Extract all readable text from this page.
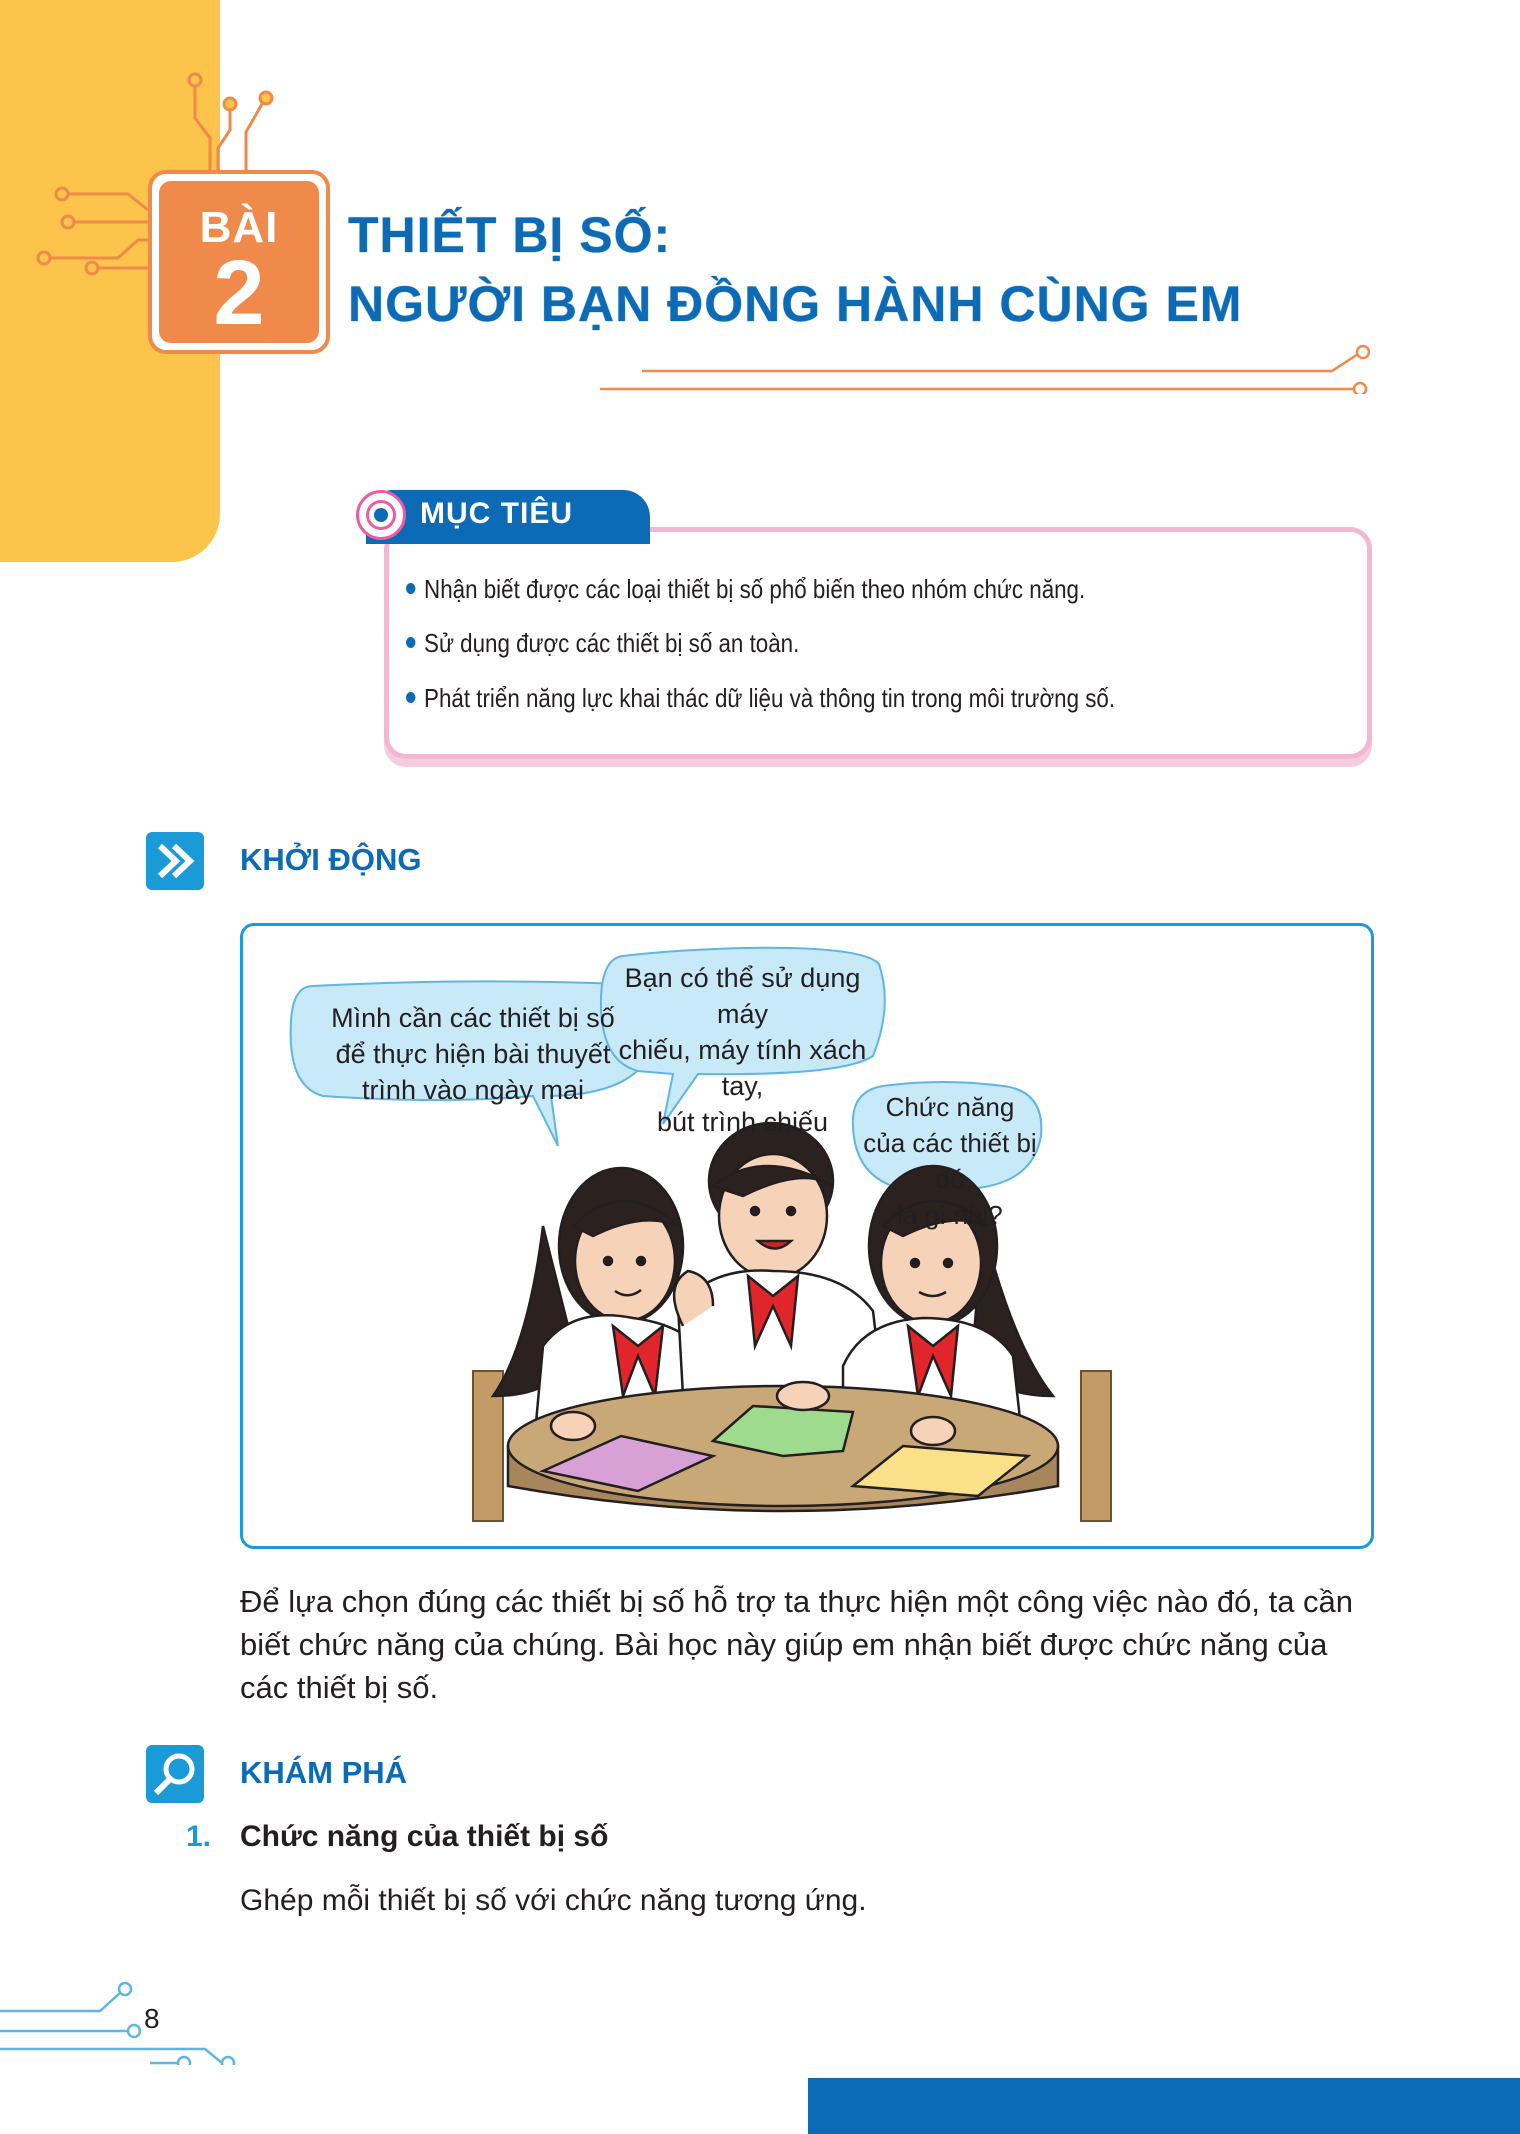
BÀI
2
THIẾT BỊ SỐ:
NGƯỜI BẠN ĐỒNG HÀNH CÙNG EM
MỤC TIÊU
Nhận biết được các loại thiết bị số phổ biến theo nhóm chức năng.
Sử dụng được các thiết bị số an toàn.
Phát triển năng lực khai thác dữ liệu và thông tin trong môi trường số.
KHỞI ĐỘNG
Mình cần các thiết bị số
để thực hiện bài thuyết
trình vào ngày mai
Bạn có thể sử dụng máy
chiếu, máy tính xách tay,
bút trình chiếu	Chức năng
của các thiết bị đó
là gì nhỉ?
Để lựa chọn đúng các thiết bị số hỗ trợ ta thực hiện một công việc nào đó, ta cần biết chức năng của chúng. Bài học này giúp em nhận biết được chức năng của các thiết bị số.
KHÁM PHÁ
1. Chức năng của thiết bị số
Ghép mỗi thiết bị số với chức năng tương ứng.
8
